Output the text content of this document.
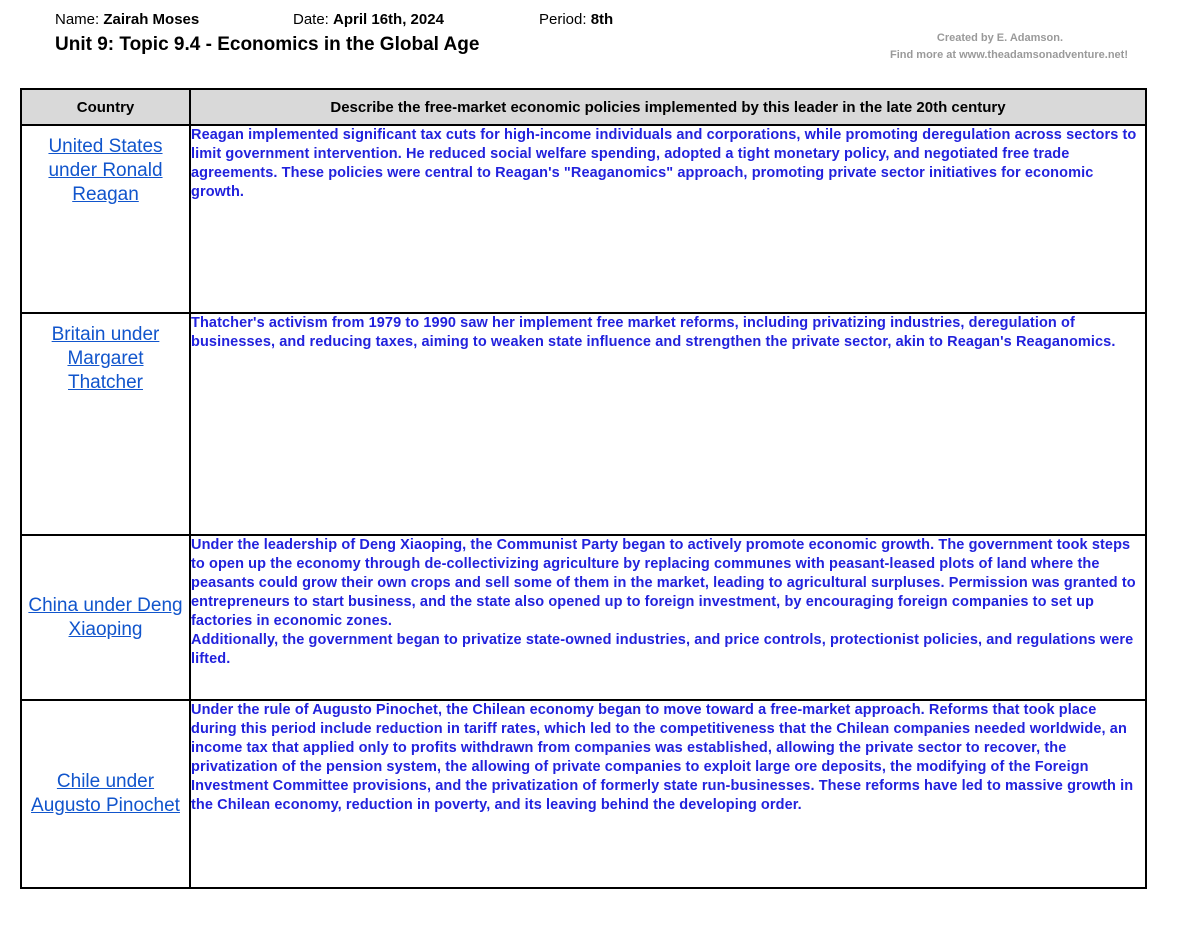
Name: Zairah Moses	Date: April 16th, 2024	Period: 8th
Unit 9: Topic 9.4 - Economics in the Global Age	Created by E. Adamson.
Find more at www.theadamsonadventure.net!
Country	Describe the free-market economic policies implemented by this leader in the late 20th century

United States under Ronald Reagan	Reagan implemented significant tax cuts for high-income individuals and corporations, while promoting deregulation across sectors to limit government intervention. He reduced social welfare spending, adopted a tight monetary policy, and negotiated free trade agreements. These policies were central to Reagan's "Reaganomics" approach, promoting private sector initiatives for economic growth.

Britain under Margaret Thatcher	Thatcher's activism from 1979 to 1990 saw her implement free market reforms, including privatizing industries, deregulation of businesses, and reducing taxes, aiming to weaken state influence and strengthen the private sector, akin to Reagan's Reaganomics.

China under Deng Xiaoping	Under the leadership of Deng Xiaoping, the Communist Party began to actively promote economic growth. The government took steps to open up the economy through de-collectivizing agriculture by replacing communes with peasant-leased plots of land where the peasants could grow their own crops and sell some of them in the market, leading to agricultural surpluses. Permission was granted to entrepreneurs to start business, and the state also opened up to foreign investment, by encouraging foreign companies to set up factories in economic zones.
Additionally, the government began to privatize state-owned industries, and price controls, protectionist policies, and regulations were lifted.

Chile under Augusto Pinochet	Under the rule of Augusto Pinochet, the Chilean economy began to move toward a free-market approach. Reforms that took place during this period include reduction in tariff rates, which led to the competitiveness that the Chilean companies needed worldwide, an income tax that applied only to profits withdrawn from companies was established, allowing the private sector to recover, the privatization of the pension system, the allowing of private companies to exploit large ore deposits, the modifying of the Foreign Investment Committee provisions, and the privatization of formerly state run-businesses. These reforms have led to massive growth in the Chilean economy, reduction in poverty, and its leaving behind the developing order.
